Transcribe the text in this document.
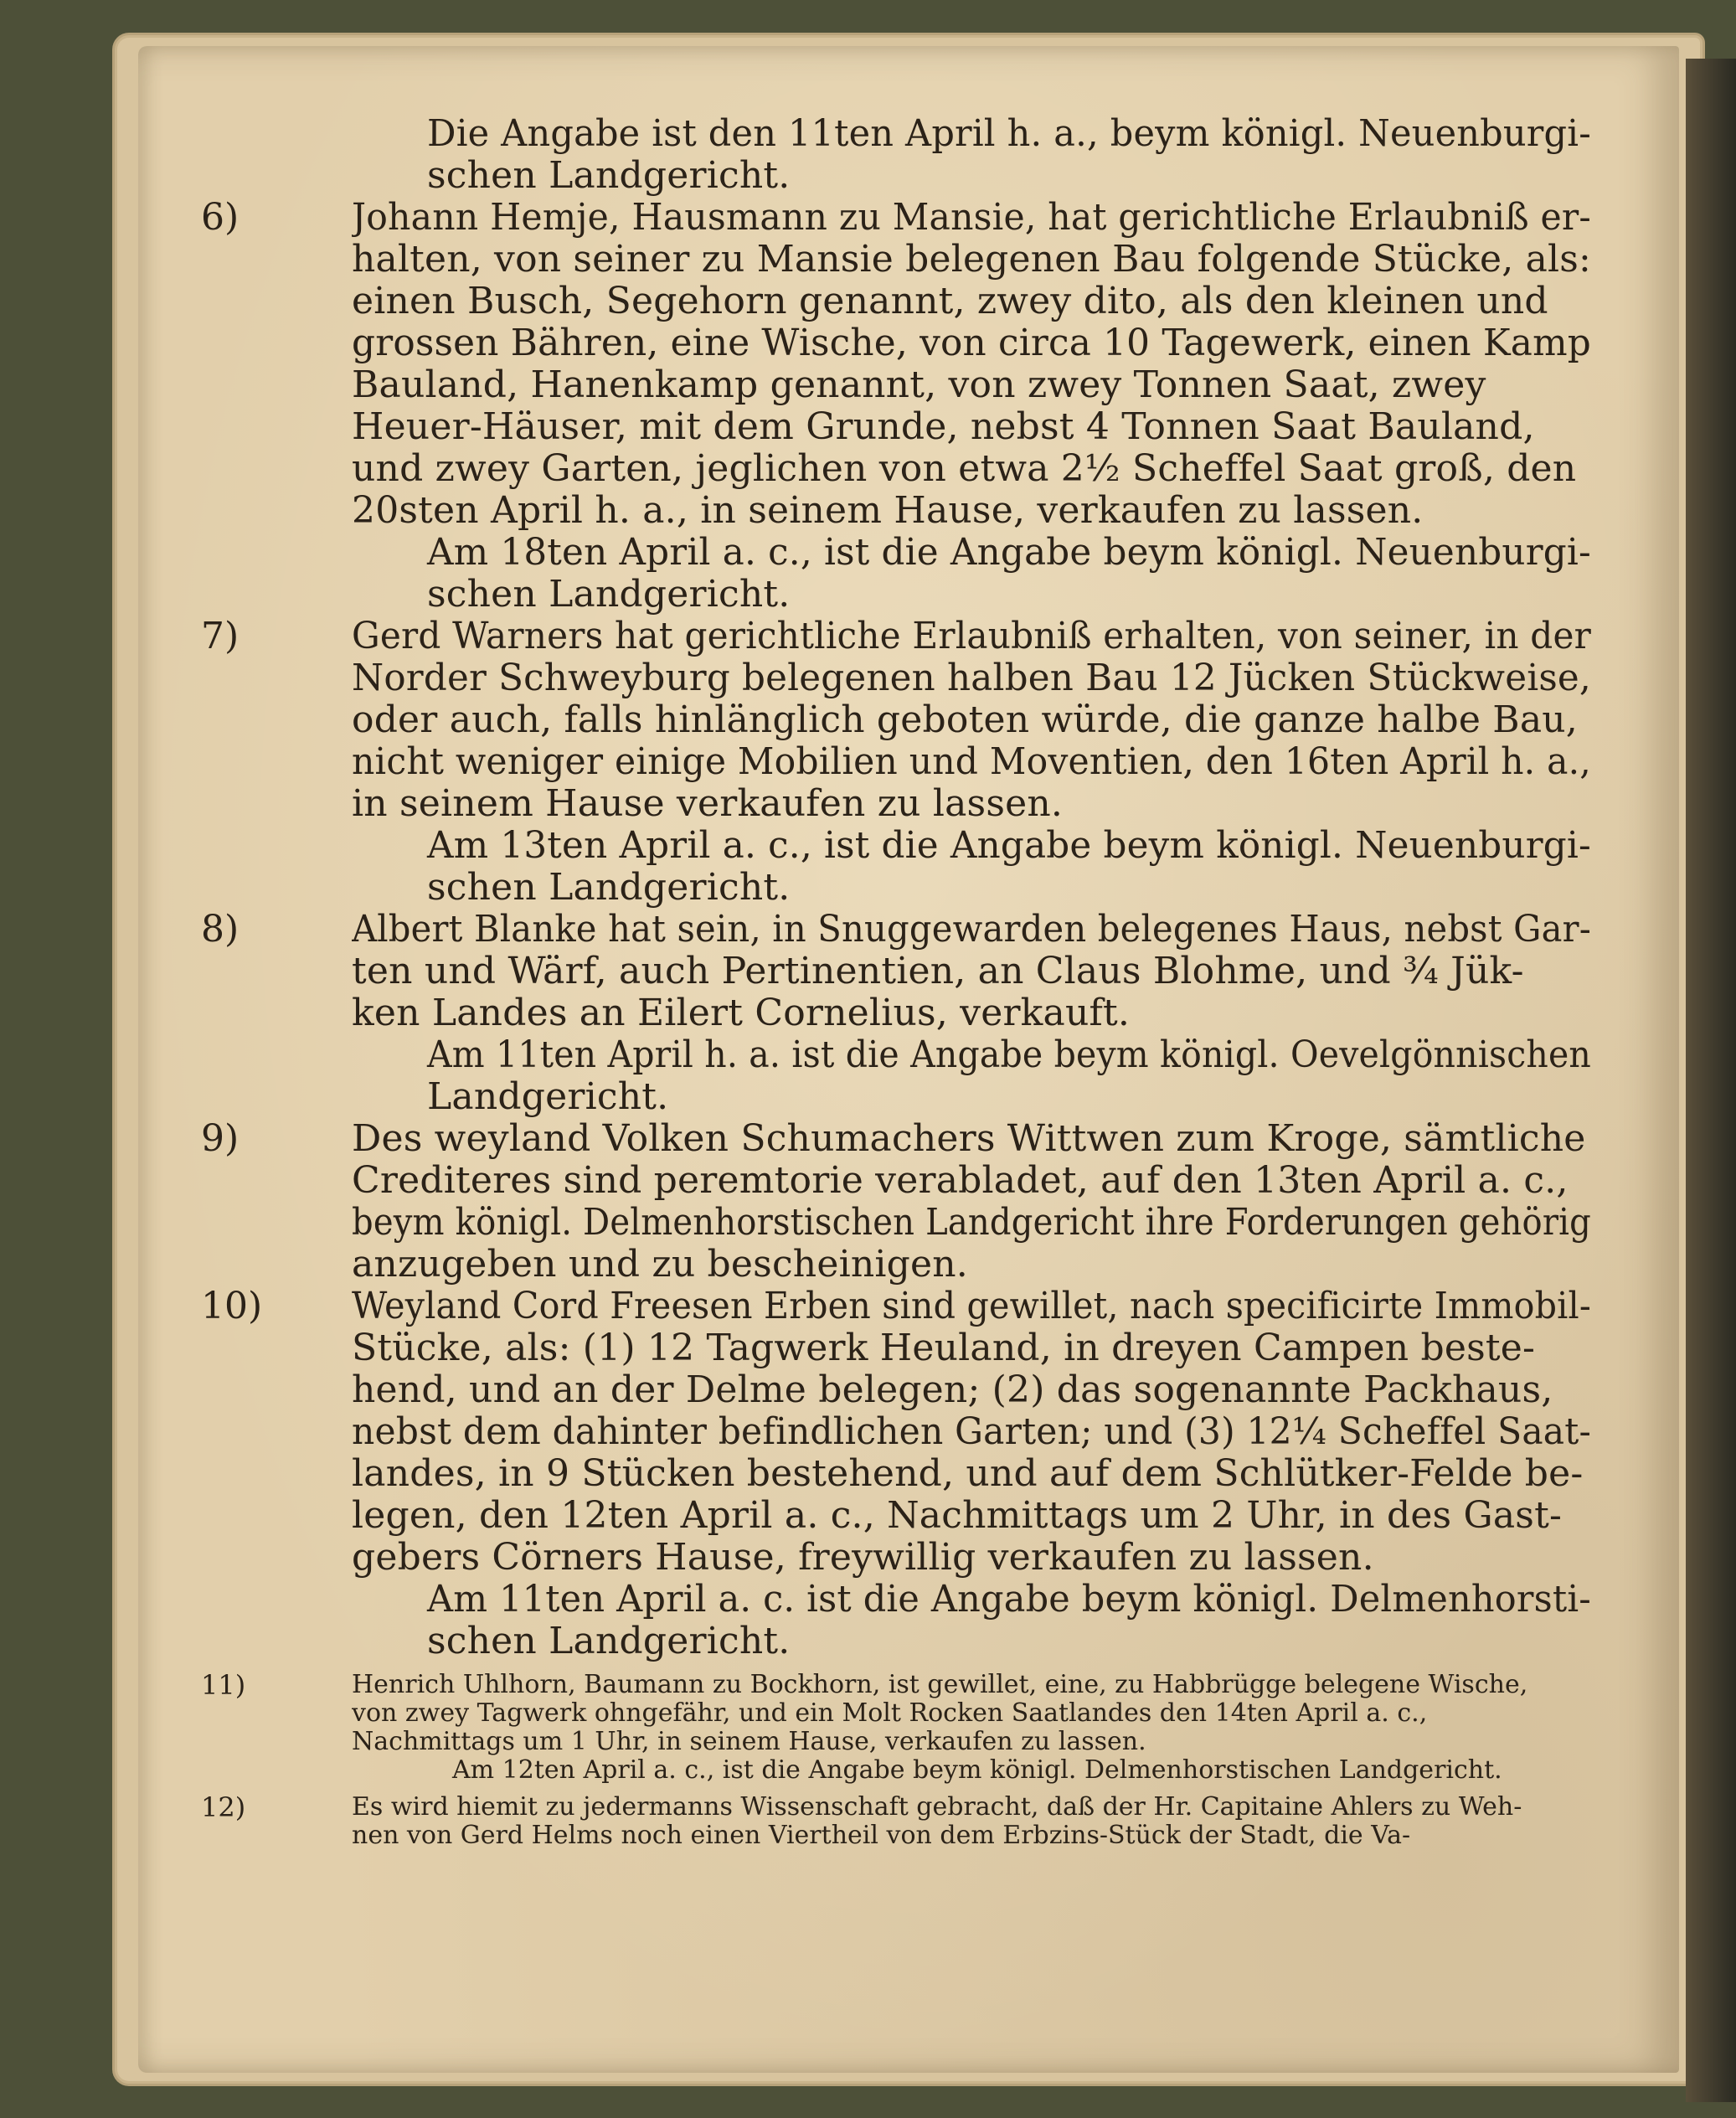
Die Angabe ist den 11ten April h. a., beym königl. Neuenburgi-
schen Landgericht.
6)	Johann Hemje, Hausmann zu Mansie, hat gerichtliche Erlaubniß er-
halten, von seiner zu Mansie belegenen Bau folgende Stücke, als:
einen Busch, Segehorn genannt, zwey dito, als den kleinen und
grossen Bähren, eine Wische, von circa 10 Tagewerk, einen Kamp
Bauland, Hanenkamp genannt, von zwey Tonnen Saat, zwey
Heuer-Häuser, mit dem Grunde, nebst 4 Tonnen Saat Bauland,
und zwey Garten, jeglichen von etwa 2½ Scheffel Saat groß, den
20sten April h. a., in seinem Hause, verkaufen zu lassen.
Am 18ten April a. c., ist die Angabe beym königl. Neuenburgi-
schen Landgericht.
7)	Gerd Warners hat gerichtliche Erlaubniß erhalten, von seiner, in der
Norder Schweyburg belegenen halben Bau 12 Jücken Stückweise,
oder auch, falls hinlänglich geboten würde, die ganze halbe Bau,
nicht weniger einige Mobilien und Moventien, den 16ten April h. a.,
in seinem Hause verkaufen zu lassen.
Am 13ten April a. c., ist die Angabe beym königl. Neuenburgi-
schen Landgericht.
8)	Albert Blanke hat sein, in Snuggewarden belegenes Haus, nebst Gar-
ten und Wärf, auch Pertinentien, an Claus Blohme, und ¾ Jük-
ken Landes an Eilert Cornelius, verkauft.
Am 11ten April h. a. ist die Angabe beym königl. Oevelgönnischen
Landgericht.
9)	Des weyland Volken Schumachers Wittwen zum Kroge, sämtliche
Crediteres sind peremtorie verabladet, auf den 13ten April a. c.,
beym königl. Delmenhorstischen Landgericht ihre Forderungen gehörig
anzugeben und zu bescheinigen.
10)	Weyland Cord Freesen Erben sind gewillet, nach specificirte Immobil-
Stücke, als: (1) 12 Tagwerk Heuland, in dreyen Campen beste-
hend, und an der Delme belegen; (2) das sogenannte Packhaus,
nebst dem dahinter befindlichen Garten; und (3) 12¼ Scheffel Saat-
landes, in 9 Stücken bestehend, und auf dem Schlütker-Felde be-
legen, den 12ten April a. c., Nachmittags um 2 Uhr, in des Gast-
gebers Cörners Hause, freywillig verkaufen zu lassen.
Am 11ten April a. c. ist die Angabe beym königl. Delmenhorsti-
schen Landgericht.
11)	Henrich Uhlhorn, Baumann zu Bockhorn, ist gewillet, eine, zu Habbrügge belegene Wische,
von zwey Tagwerk ohngefähr, und ein Molt Rocken Saatlandes den 14ten April a. c.,
Nachmittags um 1 Uhr, in seinem Hause, verkaufen zu lassen.
Am 12ten April a. c., ist die Angabe beym königl. Delmenhorstischen Landgericht.
12)	Es wird hiemit zu jedermanns Wissenschaft gebracht, daß der Hr. Capitaine Ahlers zu Weh-
nen von Gerd Helms noch einen Viertheil von dem Erbzins-Stück der Stadt, die Va-
